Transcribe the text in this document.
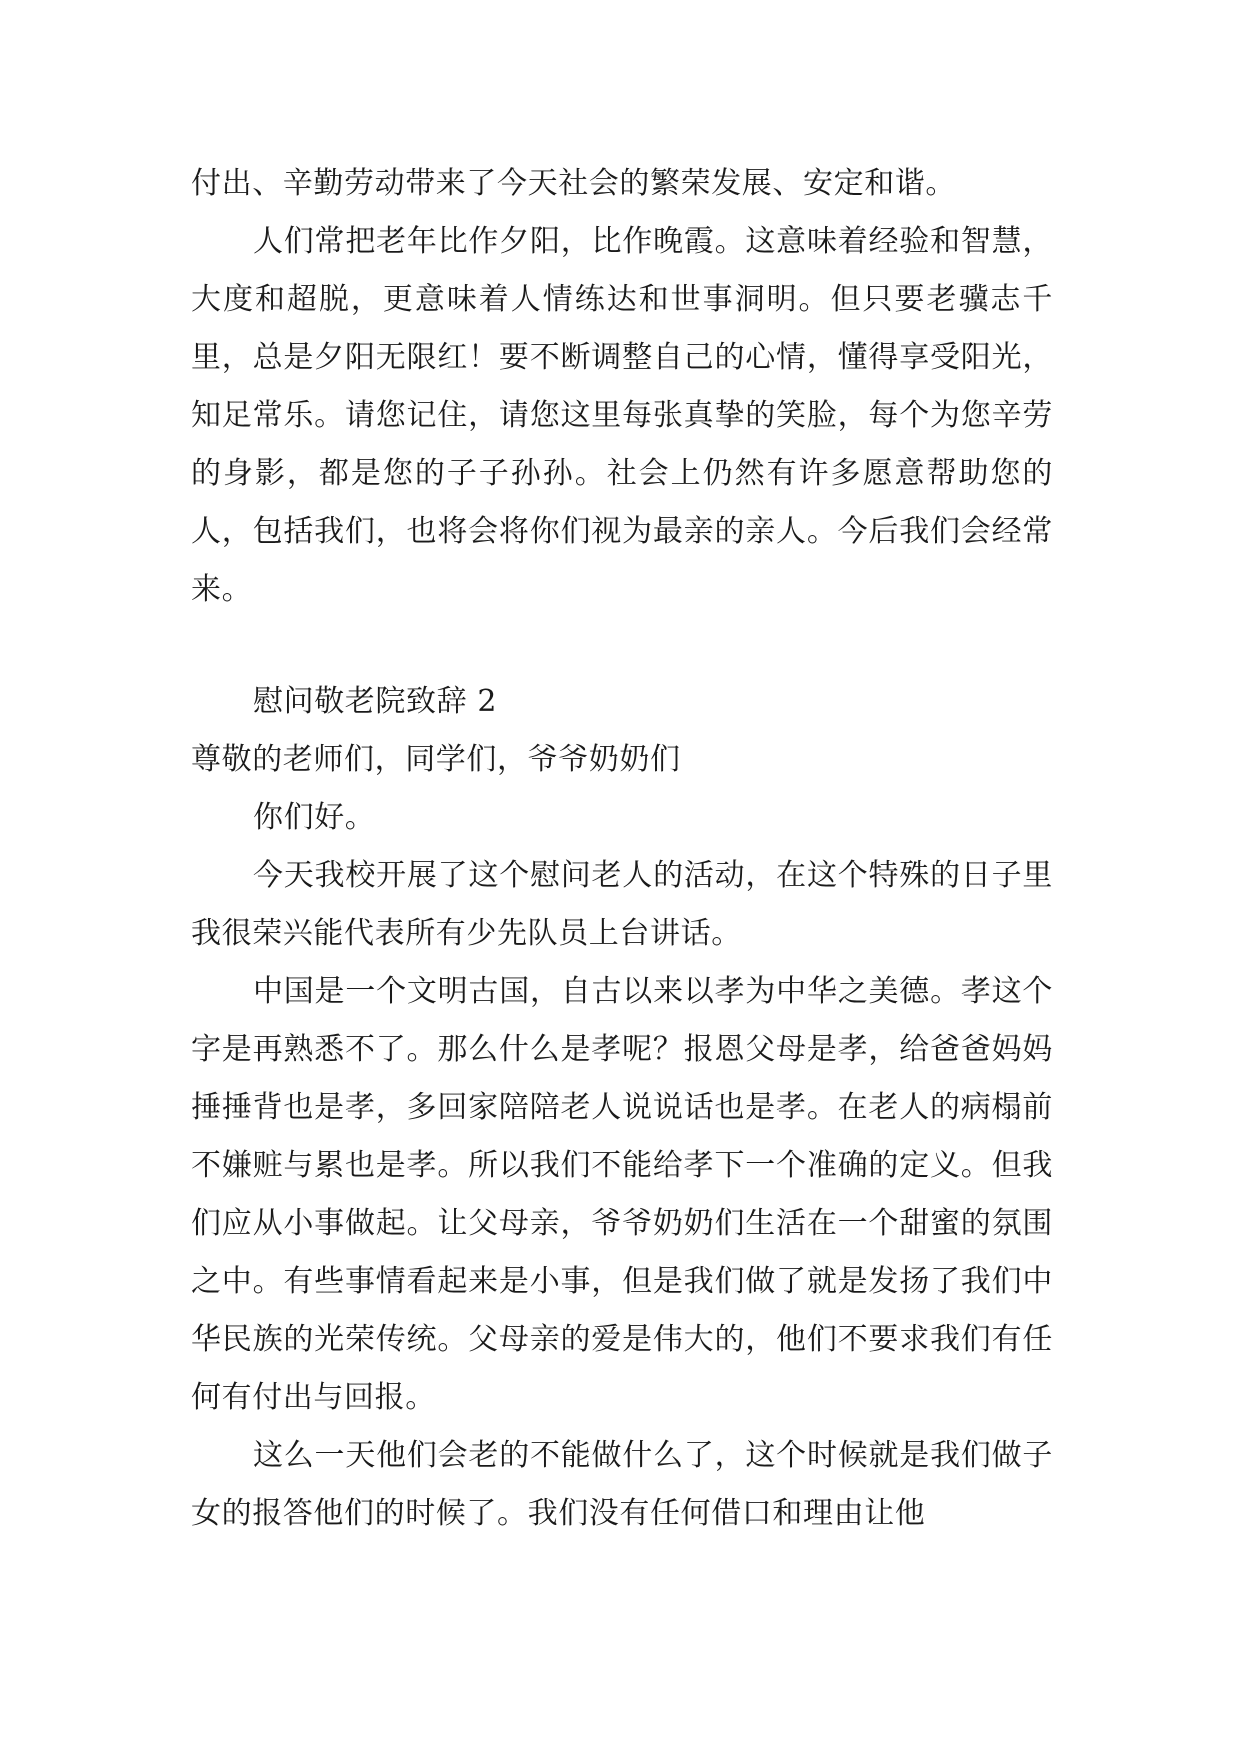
付出、辛勤劳动带来了今天社会的繁荣发展、安定和谐。

人们常把老年比作夕阳，比作晚霞。这意味着经验和智慧，大度和超脱，更意味着人情练达和世事洞明。但只要老骥志千里，总是夕阳无限红！要不断调整自己的心情，懂得享受阳光，知足常乐。请您记住，请您这里每张真挚的笑脸，每个为您辛劳的身影，都是您的子子孙孙。社会上仍然有许多愿意帮助您的人，包括我们，也将会将你们视为最亲的亲人。今后我们会经常来。

慰问敬老院致辞 2

尊敬的老师们，同学们，爷爷奶奶们

你们好。

今天我校开展了这个慰问老人的活动，在这个特殊的日子里我很荣兴能代表所有少先队员上台讲话。

中国是一个文明古国，自古以来以孝为中华之美德。孝这个字是再熟悉不了。那么什么是孝呢？报恩父母是孝，给爸爸妈妈捶捶背也是孝，多回家陪陪老人说说话也是孝。在老人的病榻前不嫌赃与累也是孝。所以我们不能给孝下一个准确的定义。但我们应从小事做起。让父母亲，爷爷奶奶们生活在一个甜蜜的氛围之中。有些事情看起来是小事，但是我们做了就是发扬了我们中华民族的光荣传统。父母亲的爱是伟大的，他们不要求我们有任何有付出与回报。

这么一天他们会老的不能做什么了，这个时候就是我们做子女的报答他们的时候了。我们没有任何借口和理由让他
